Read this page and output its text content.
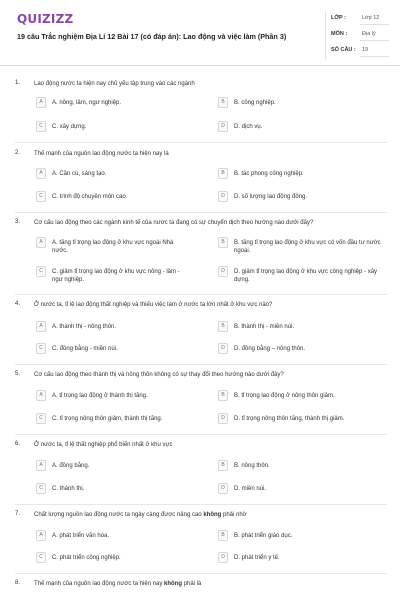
QUIZIZZ
19 câu Trắc nghiệm Địa Lí 12 Bài 17 (có đáp án): Lao động và việc làm (Phần 3)
LỚP :	Lớp 12
MÔN :	Địa lý
SỐ CÂU : 19
1. Lao động nước ta hiện nay chủ yếu tập trung vào các ngành
A	A. nông, lâm, ngư nghiệp.	B	B. công nghiệp.
C	C. xây dựng.	D	D. dịch vụ.
2. Thế mạnh của nguồn lao động nước ta hiện nay là
A	A. Cần cù, sáng tạo.	B	B. tác phong công nghiệp.
C	C. trình độ chuyên môn cao.	D	D. số lượng lao động đông.
3. Cơ cấu lao động theo các ngành kinh tế của nước ta đang có sự chuyển dịch theo hướng nào dưới đây?
A	A. tăng tỉ trọng lao động ở khu vực ngoài Nhà nước.
B	B. tăng tỉ trọng lao động ở khu vực có vốn đầu tư nước ngoài.
C	C. giảm tỉ trọng lao động ở khu vực nông - lâm - ngư nghiệp.
D	D. giảm tỉ trọng lao động ở khu vực công nghiệp - xây dựng.
4. Ở nước ta, tỉ lệ lao động thất nghiệp và thiếu việc làm ở nước ta lớn nhất ở khu vực nào?
A	A. thành thị - nông thôn.	B	B. thành thị - miền núi.
C	C. đồng bằng - miền núi.	D	D. đồng bằng – nông thôn.
5. Cơ cấu lao động theo thành thị và nông thôn không có sự thay đổi theo hướng nào dưới đây?
A	A. tỉ trọng lao động ở thành thị tăng.	B	B. tỉ trọng lao động ở nông thôn giảm.
C	C. tỉ trọng nông thôn giảm, thành thị tăng.	D	D. tỉ trọng nông thôn tăng, thành thị giảm.
6. Ở nước ta, tỉ lệ thất nghiệp phổ biến nhất ở khu vực
A	A. đồng bằng.	B	B. nông thôn.
C	C. thành thị.	D	D. miền núi.
7. Chất lượng nguồn lao động nước ta ngày càng được nâng cao không phải nhờ
A	A. phát triển văn hóa.	B	B. phát triển giáo dục.
C	C. phát triển công nghiệp.	D	D. phát triển y tế.
8. Thế mạnh của nguồn lao động nước ta hiện nay không phải là
